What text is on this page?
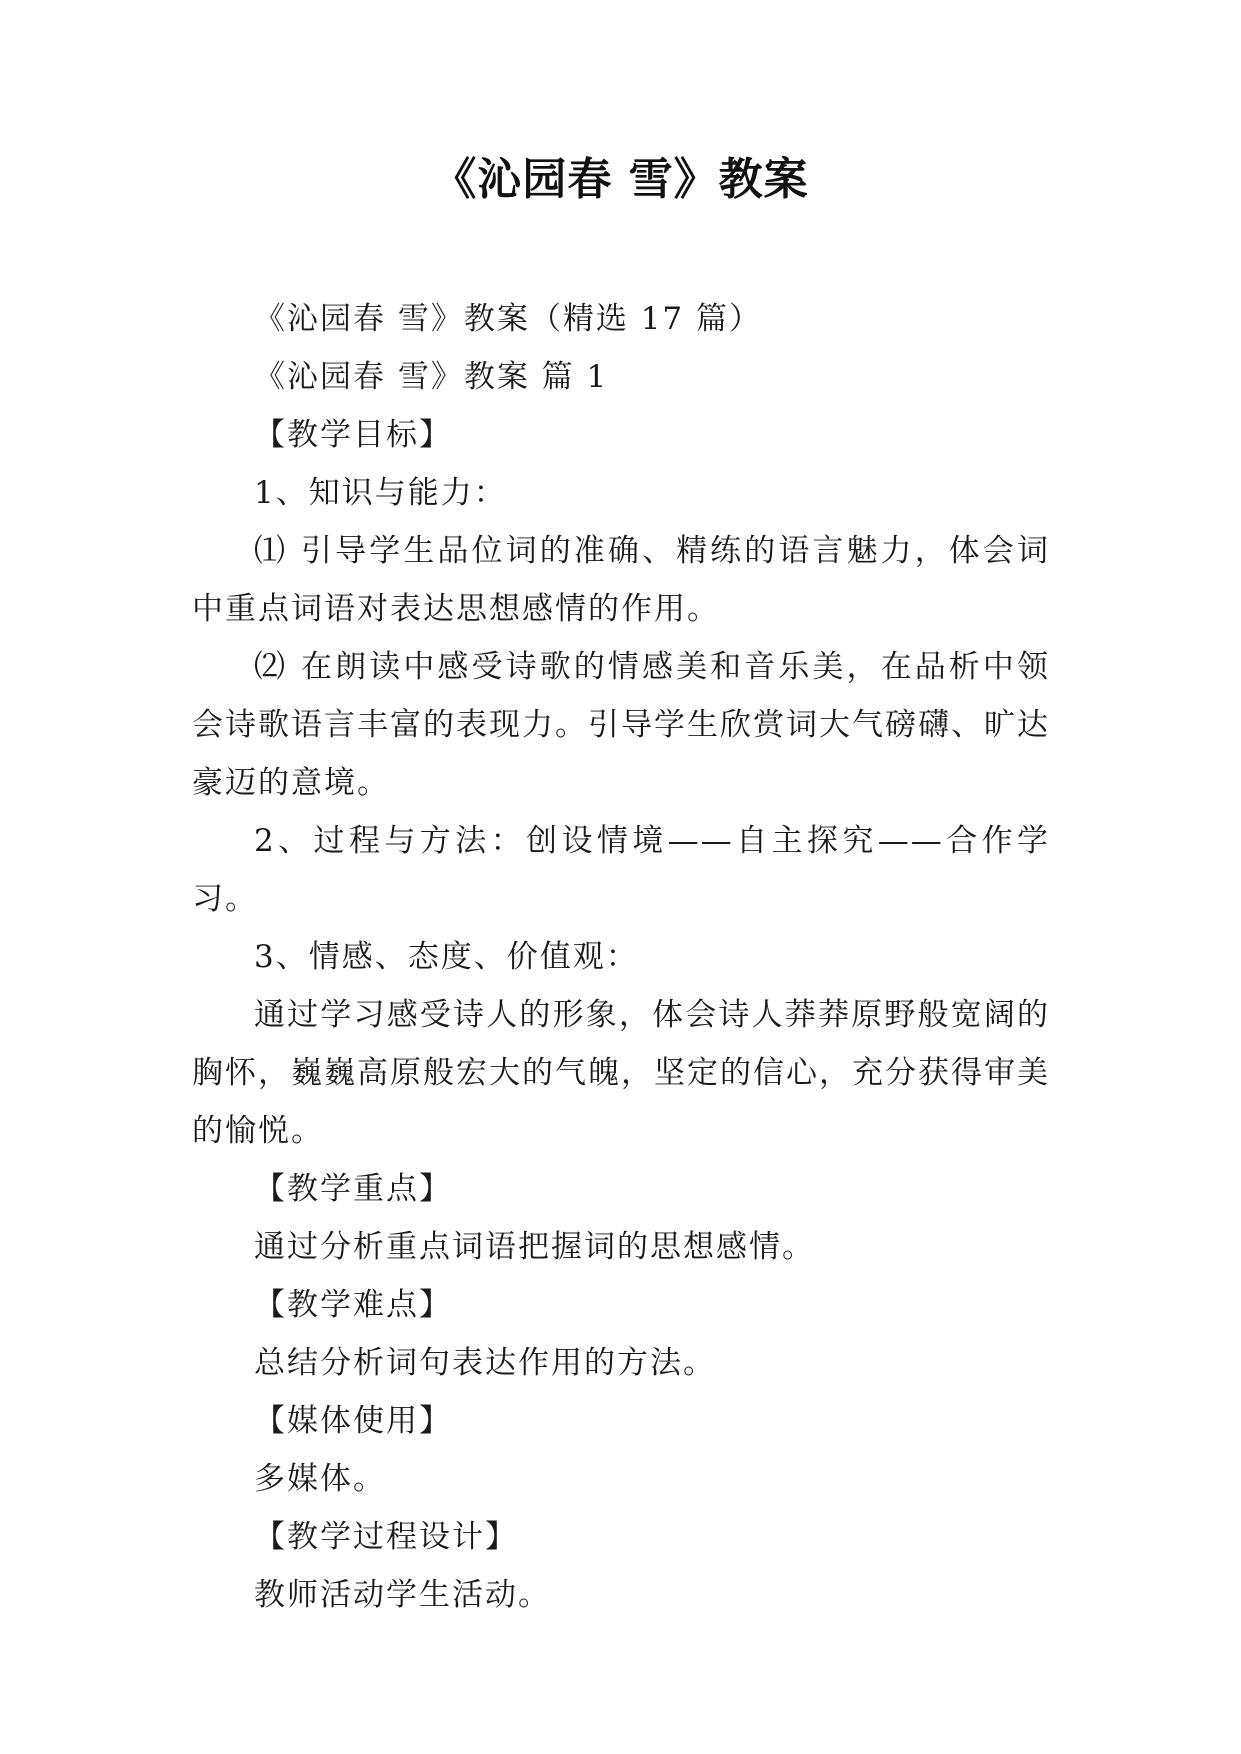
《沁园春 雪》教案

《沁园春 雪》教案（精选 17 篇）

《沁园春 雪》教案 篇 1

【教学目标】

1、知识与能力：

⑴ 引导学生品位词的准确、精练的语言魅力，体会词中重点词语对表达思想感情的作用。

⑵ 在朗读中感受诗歌的情感美和音乐美，在品析中领会诗歌语言丰富的表现力。引导学生欣赏词大气磅礴、旷达豪迈的意境。

2、过程与方法：创设情境——自主探究——合作学习。

3、情感、态度、价值观：

通过学习感受诗人的形象，体会诗人莽莽原野般宽阔的胸怀，巍巍高原般宏大的气魄，坚定的信心，充分获得审美的愉悦。

【教学重点】

通过分析重点词语把握词的思想感情。

【教学难点】

总结分析词句表达作用的方法。

【媒体使用】

多媒体。

【教学过程设计】

教师活动学生活动。
